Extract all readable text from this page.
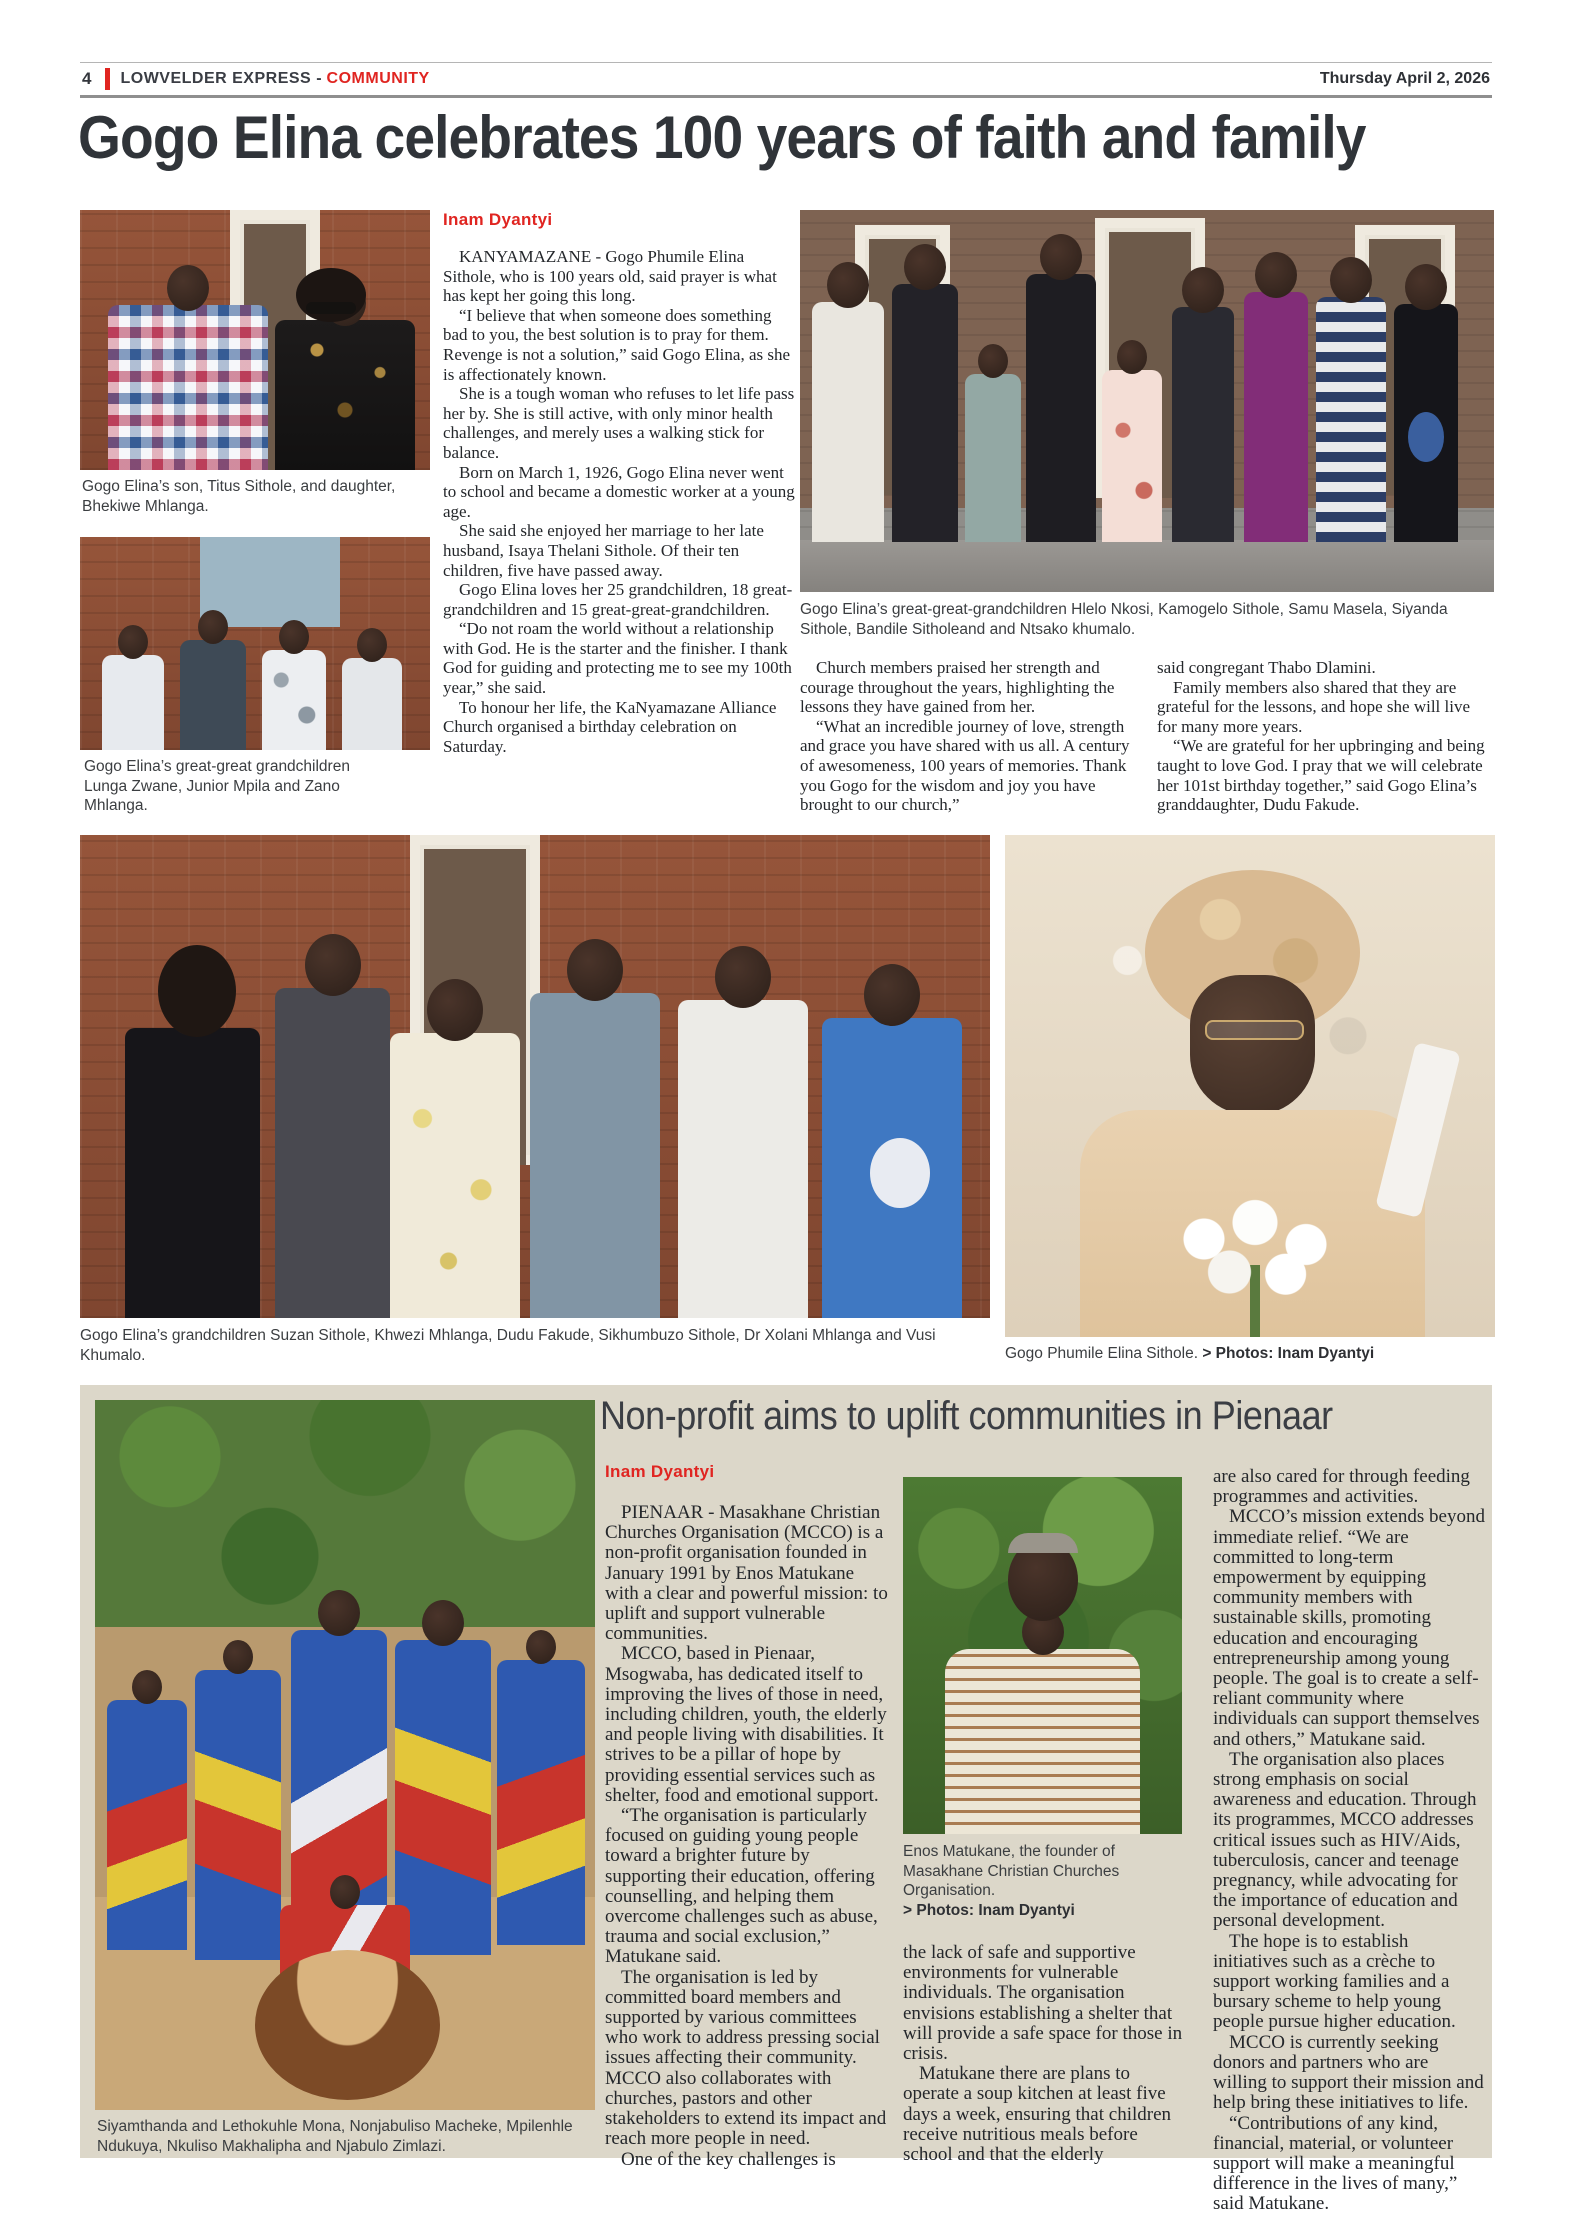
4 LOWVELDER EXPRESS - COMMUNITY	Thursday April 2, 2026
Gogo Elina celebrates 100 years of faith and family
Gogo Elina’s son, Titus Sithole, and daughter, Bhekiwe Mhlanga.
Gogo Elina’s great-great grandchildren Lunga Zwane, Junior Mpila and Zano Mhlanga.
Inam Dyantyi

KANYAMAZANE - Gogo Phumile Elina Sithole, who is 100 years old, said prayer is what has kept her going this long.

“I believe that when someone does something bad to you, the best solution is to pray for them. Revenge is not a solution,” said Gogo Elina, as she is affectionately known.

She is a tough woman who refuses to let life pass her by. She is still active, with only minor health challenges, and merely uses a walking stick for balance.

Born on March 1, 1926, Gogo Elina never went to school and became a domestic worker at a young age.

She said she enjoyed her marriage to her late husband, Isaya Thelani Sithole. Of their ten children, five have passed away.

Gogo Elina loves her 25 grandchildren, 18 great-grandchildren and 15 great-great-grandchildren.

“Do not roam the world without a relationship with God. He is the starter and the finisher. I thank God for guiding and protecting me to see my 100th year,” she said.

To honour her life, the KaNyamazane Alliance Church organised a birthday celebration on Saturday.

Gogo Elina’s great-great-grandchildren Hlelo Nkosi, Kamogelo Sithole, Samu Masela, Siyanda Sithole, Bandile Sitholeand and Ntsako khumalo.

Church members praised her strength and courage throughout the years, highlighting the lessons they have gained from her.

“What an incredible journey of love, strength and grace you have shared with us all. A century of awesomeness, 100 years of memories. Thank you Gogo for the wisdom and joy you have brought to our church,”

said congregant Thabo Dlamini.

Family members also shared that they are grateful for the lessons, and hope she will live for many more years.

“We are grateful for her upbringing and being taught to love God. I pray that we will celebrate her 101st birthday together,” said Gogo Elina’s granddaughter, Dudu Fakude.

Gogo Elina’s grandchildren Suzan Sithole, Khwezi Mhlanga, Dudu Fakude, Sikhumbuzo Sithole, Dr Xolani Mhlanga and Vusi Khumalo.	Gogo Phumile Elina Sithole. > Photos: Inam Dyantyi
Non-profit aims to uplift communities in Pienaar
Inam Dyantyi
Siyamthanda and Lethokuhle Mona, Nonjabuliso Macheke, Mpilenhle Ndukuya, Nkuliso Makhalipha and Njabulo Zimlazi.

PIENAAR - Masakhane Christian Churches Organisation (MCCO) is a non-profit organisation founded in January 1991 by Enos Matukane with a clear and powerful mission: to uplift and support vulnerable communities.

MCCO, based in Pienaar, Msogwaba, has dedicated itself to improving the lives of those in need, including children, youth, the elderly and people living with disabilities. It strives to be a pillar of hope by providing essential services such as shelter, food and emotional support.

“The organisation is particularly focused on guiding young people toward a brighter future by supporting their education, offering counselling, and helping them overcome challenges such as abuse, trauma and social exclusion,” Matukane said.

The organisation is led by committed board members and supported by various committees who work to address pressing social issues affecting their community. MCCO also collaborates with churches, pastors and other stakeholders to extend its impact and reach more people in need.

One of the key challenges is

Enos Matukane, the founder of Masakhane Christian Churches Organisation.
> Photos: Inam Dyantyi

the lack of safe and supportive environments for vulnerable individuals. The organisation envisions establishing a shelter that will provide a safe space for those in crisis.

Matukane there are plans to operate a soup kitchen at least five days a week, ensuring that children receive nutritious meals before school and that the elderly

are also cared for through feeding programmes and activities.

MCCO’s mission extends beyond immediate relief. “We are committed to long-term empowerment by equipping community members with sustainable skills, promoting education and encouraging entrepreneurship among young people. The goal is to create a self-reliant community where individuals can support themselves and others,” Matukane said.

The organisation also places strong emphasis on social awareness and education. Through its programmes, MCCO addresses critical issues such as HIV/Aids, tuberculosis, cancer and teenage pregnancy, while advocating for the importance of education and personal development.

The hope is to establish initiatives such as a crèche to support working families and a bursary scheme to help young people pursue higher education.

MCCO is currently seeking donors and partners who are willing to support their mission and help bring these initiatives to life.

“Contributions of any kind, financial, material, or volunteer support will make a meaningful difference in the lives of many,” said Matukane.
